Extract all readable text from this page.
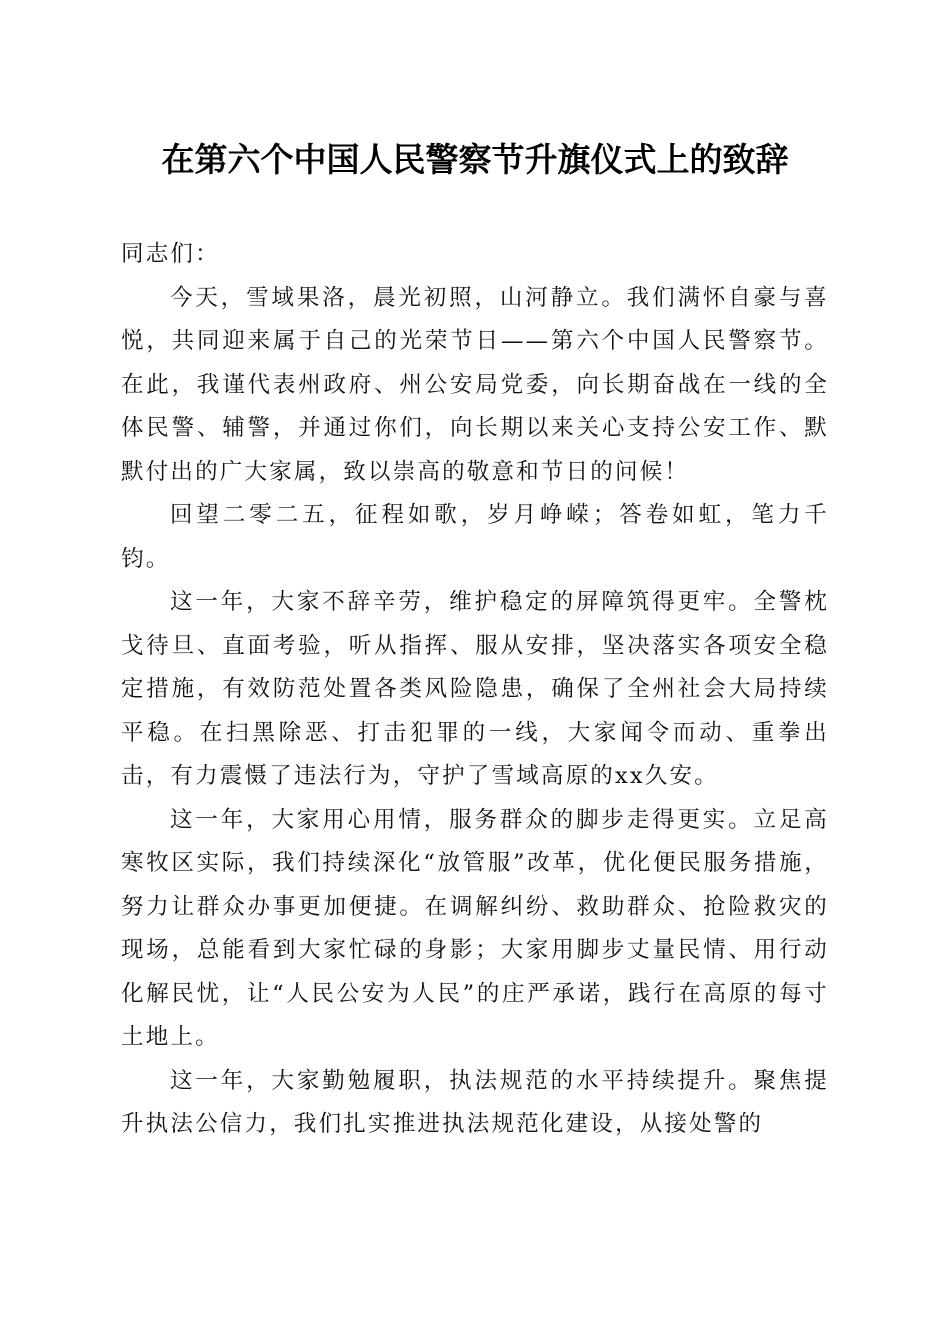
在第六个中国人民警察节升旗仪式上的致辞

同志们：

今天，雪域果洛，晨光初照，山河静立。我们满怀自豪与喜悦，共同迎来属于自己的光荣节日——第六个中国人民警察节。在此，我谨代表州政府、州公安局党委，向长期奋战在一线的全体民警、辅警，并通过你们，向长期以来关心支持公安工作、默默付出的广大家属，致以崇高的敬意和节日的问候！

回望二零二五，征程如歌，岁月峥嵘；答卷如虹，笔力千钧。

这一年，大家不辞辛劳，维护稳定的屏障筑得更牢。全警枕戈待旦、直面考验，听从指挥、服从安排，坚决落实各项安全稳定措施，有效防范处置各类风险隐患，确保了全州社会大局持续平稳。在扫黑除恶、打击犯罪的一线，大家闻令而动、重拳出击，有力震慑了违法行为，守护了雪域高原的xx久安。

这一年，大家用心用情，服务群众的脚步走得更实。立足高寒牧区实际，我们持续深化“放管服”改革，优化便民服务措施，努力让群众办事更加便捷。在调解纠纷、救助群众、抢险救灾的现场，总能看到大家忙碌的身影；大家用脚步丈量民情、用行动化解民忧，让“人民公安为人民”的庄严承诺，践行在高原的每寸土地上。

这一年，大家勤勉履职，执法规范的水平持续提升。聚焦提升执法公信力，我们扎实推进执法规范化建设，从接处警的
